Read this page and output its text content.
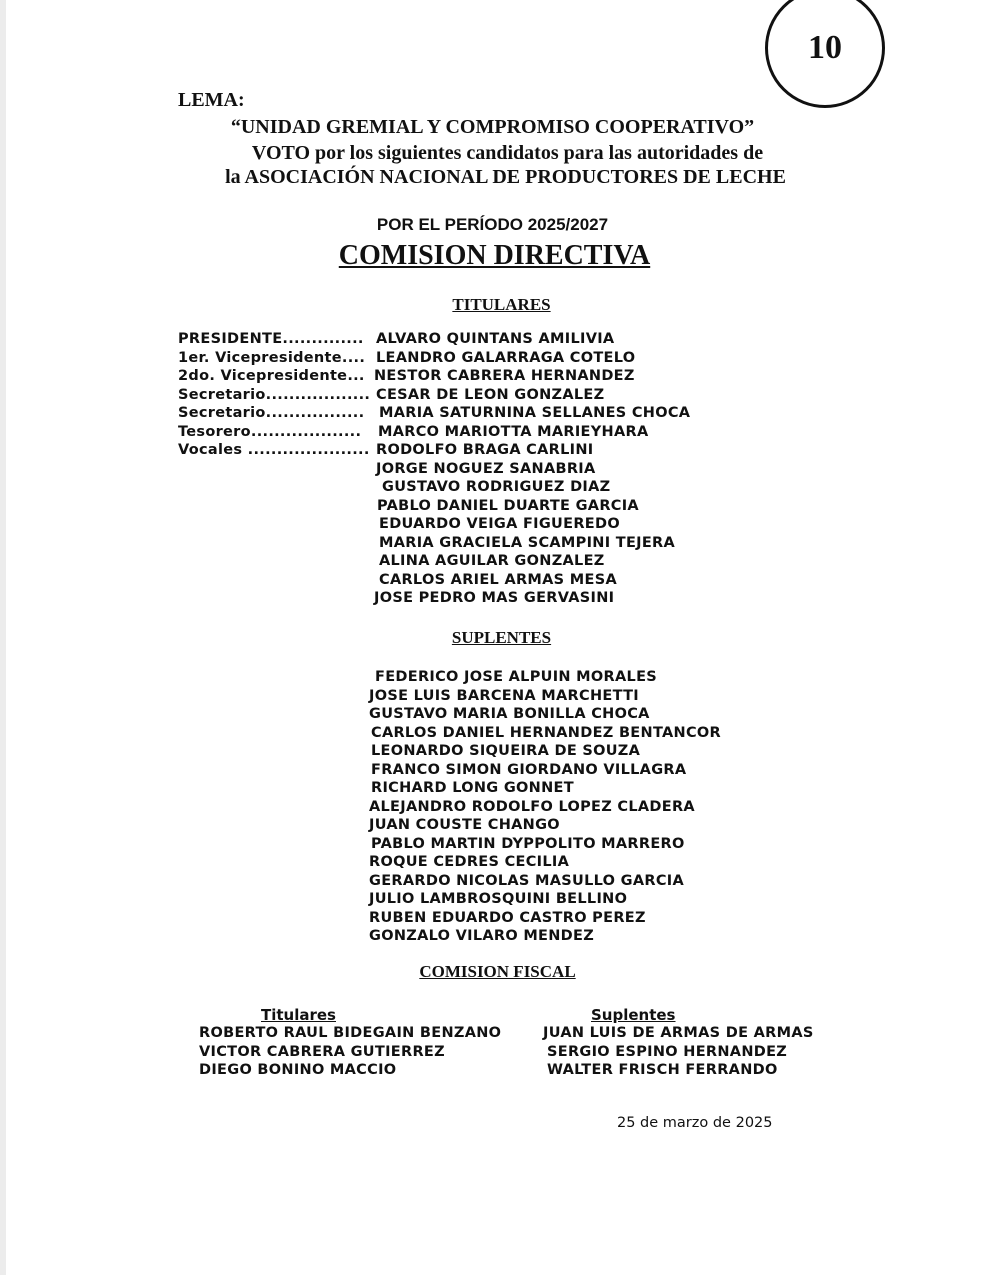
10
LEMA:
“UNIDAD GREMIAL Y COMPROMISO COOPERATIVO”
VOTO por los siguientes candidatos para las autoridades de
la ASOCIACIÓN NACIONAL DE PRODUCTORES DE LECHE
POR EL PERÍODO 2025/2027
COMISION DIRECTIVA
TITULARES
PRESIDENTE.............. ALVARO QUINTANS AMILIVIA
1er. Vicepresidente.... LEANDRO GALARRAGA COTELO
2do. Vicepresidente... NESTOR CABRERA HERNANDEZ
Secretario.................. CESAR DE LEON GONZALEZ
Secretario................. MARIA SATURNINA SELLANES CHOCA
Tesorero................... MARCO MARIOTTA MARIEYHARA
Vocales ..................... RODOLFO BRAGA CARLINI
JORGE NOGUEZ SANABRIA
GUSTAVO RODRIGUEZ DIAZ
PABLO DANIEL DUARTE GARCIA
EDUARDO VEIGA FIGUEREDO
MARIA GRACIELA SCAMPINI TEJERA
ALINA AGUILAR GONZALEZ
CARLOS ARIEL ARMAS MESA
JOSE PEDRO MAS GERVASINI
SUPLENTES
FEDERICO JOSE ALPUIN MORALES
JOSE LUIS BARCENA MARCHETTI
GUSTAVO MARIA BONILLA CHOCA
CARLOS DANIEL HERNANDEZ BENTANCOR
LEONARDO SIQUEIRA DE SOUZA
FRANCO SIMON GIORDANO VILLAGRA
RICHARD LONG GONNET
ALEJANDRO RODOLFO LOPEZ CLADERA
JUAN COUSTE CHANGO
PABLO MARTIN DYPPOLITO MARRERO
ROQUE CEDRES CECILIA
GERARDO NICOLAS MASULLO GARCIA
JULIO LAMBROSQUINI BELLINO
RUBEN EDUARDO CASTRO PEREZ
GONZALO VILARO MENDEZ
COMISION FISCAL
Titulares	Suplentes
ROBERTO RAUL BIDEGAIN BENZANO
VICTOR CABRERA GUTIERREZ
DIEGO BONINO MACCIO
JUAN LUIS DE ARMAS DE ARMAS
SERGIO ESPINO HERNANDEZ
WALTER FRISCH FERRANDO
25 de marzo de 2025
